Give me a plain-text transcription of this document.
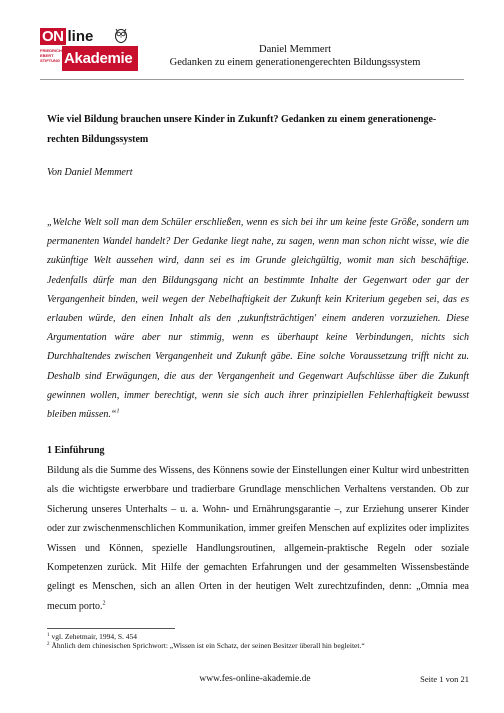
ON line
FRIEDRICH EBERT STIFTUNG Akademie
Daniel Memmert
Gedanken zu einem generationengerechten Bildungssystem
Wie viel Bildung brauchen unsere Kinder in Zukunft? Gedanken zu einem generationenge-
rechten Bildungssystem
Von Daniel Memmert

„Welche Welt soll man dem Schüler erschließen, wenn es sich bei ihr um keine feste Größe, sondern um permanenten Wandel handelt? Der Gedanke liegt nahe, zu sagen, wenn man schon nicht wisse, wie die zukünftige Welt aussehen wird, dann sei es im Grunde gleichgültig, womit man sich beschäftige. Jedenfalls dürfe man den Bildungsgang nicht an bestimmte Inhalte der Gegenwart oder gar der Vergangenheit binden, weil wegen der Nebelhaftigkeit der Zukunft kein Kriterium gegeben sei, das es erlauben würde, den einen Inhalt als den ‚zukunftsträchtigen' einem anderen vorzuziehen. Diese Argumentation wäre aber nur stimmig, wenn es überhaupt keine Verbindungen, nichts sich Durchhaltendes zwischen Vergangenheit und Zukunft gäbe. Eine solche Voraussetzung trifft nicht zu. Deshalb sind Erwägungen, die aus der Vergangenheit und Gegenwart Aufschlüsse über die Zukunft gewinnen wollen, immer berechtigt, wenn sie sich auch ihrer prinzipiellen Fehlerhaftigkeit bewusst bleiben müssen.“$^1$

1 Einführung

Bildung als die Summe des Wissens, des Könnens sowie der Einstellungen einer Kultur wird unbestritten als die wichtigste erwerbbare und tradierbare Grundlage menschlichen Verhaltens verstanden. Ob zur Sicherung unseres Unterhalts – u. a. Wohn- und Ernährungsgarantie –, zur Erziehung unserer Kinder oder zur zwischenmenschlichen Kommunikation, immer greifen Menschen auf explizites oder implizites Wissen und Können, spezielle Handlungsroutinen, allgemein-praktische Regeln oder soziale Kompetenzen zurück. Mit Hilfe der gemachten Erfahrungen und der gesammelten Wissensbestände gelingt es Menschen, sich an allen Orten in der heutigen Welt zurechtzufinden, denn: „Omnia mea mecum porto.$^2$

$^1$ vgl. Zehetmair, 1994, S. 454
$^2$ Ähnlich dem chinesischen Sprichwort: „Wissen ist ein Schatz, der seinen Besitzer überall hin begleitet.“
www.fes-online-akademie.de	Seite 1 von 21
